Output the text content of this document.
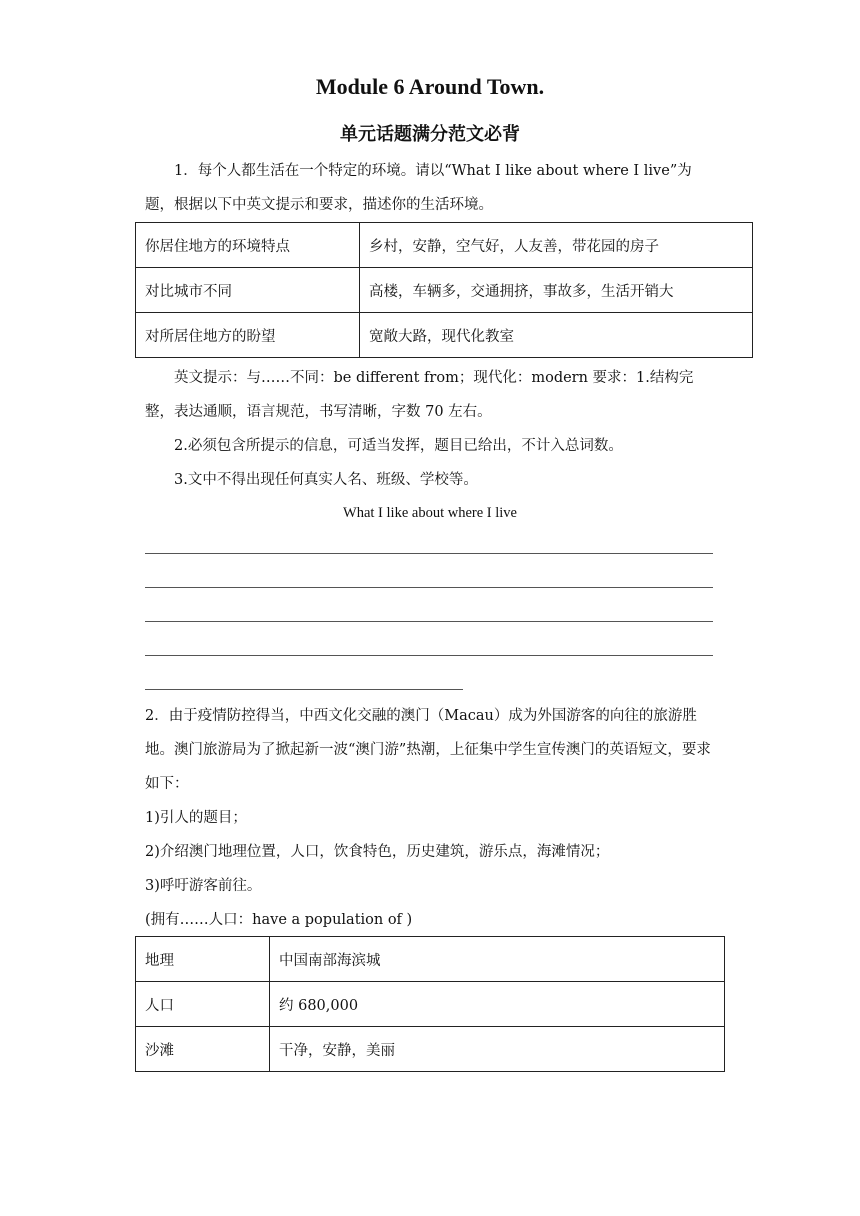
Module 6 Around Town.
单元话题满分范文必背

1．每个人都生活在一个特定的环境。请以“What I like about where I live”为题，根据以下中英文提示和要求，描述你的生活环境。

你居住地方的环境特点	乡村，安静，空气好，人友善，带花园的房子
对比城市不同	高楼，车辆多，交通拥挤，事故多，生活开销大
对所居住地方的盼望	宽敞大路，现代化教室

英文提示：与……不同：be different from；现代化：modern 要求：1.结构完整，表达通顺，语言规范，书写清晰，字数 70 左右。

2.必须包含所提示的信息，可适当发挥，题目已给出，不计入总词数。

3.文中不得出现任何真实人名、班级、学校等。

What I like about where I live

2．由于疫情防控得当，中西文化交融的澳门（Macau）成为外国游客的向往的旅游胜地。澳门旅游局为了掀起新一波“澳门游”热潮，上征集中学生宣传澳门的英语短文，要求如下：

1)引人的题目；

2)介绍澳门地理位置，人口，饮食特色，历史建筑，游乐点，海滩情况；

3)呼吁游客前往。

(拥有……人口：have a population of )

地理	中国南部海滨城
人口	约 680,000
沙滩	干净，安静，美丽
